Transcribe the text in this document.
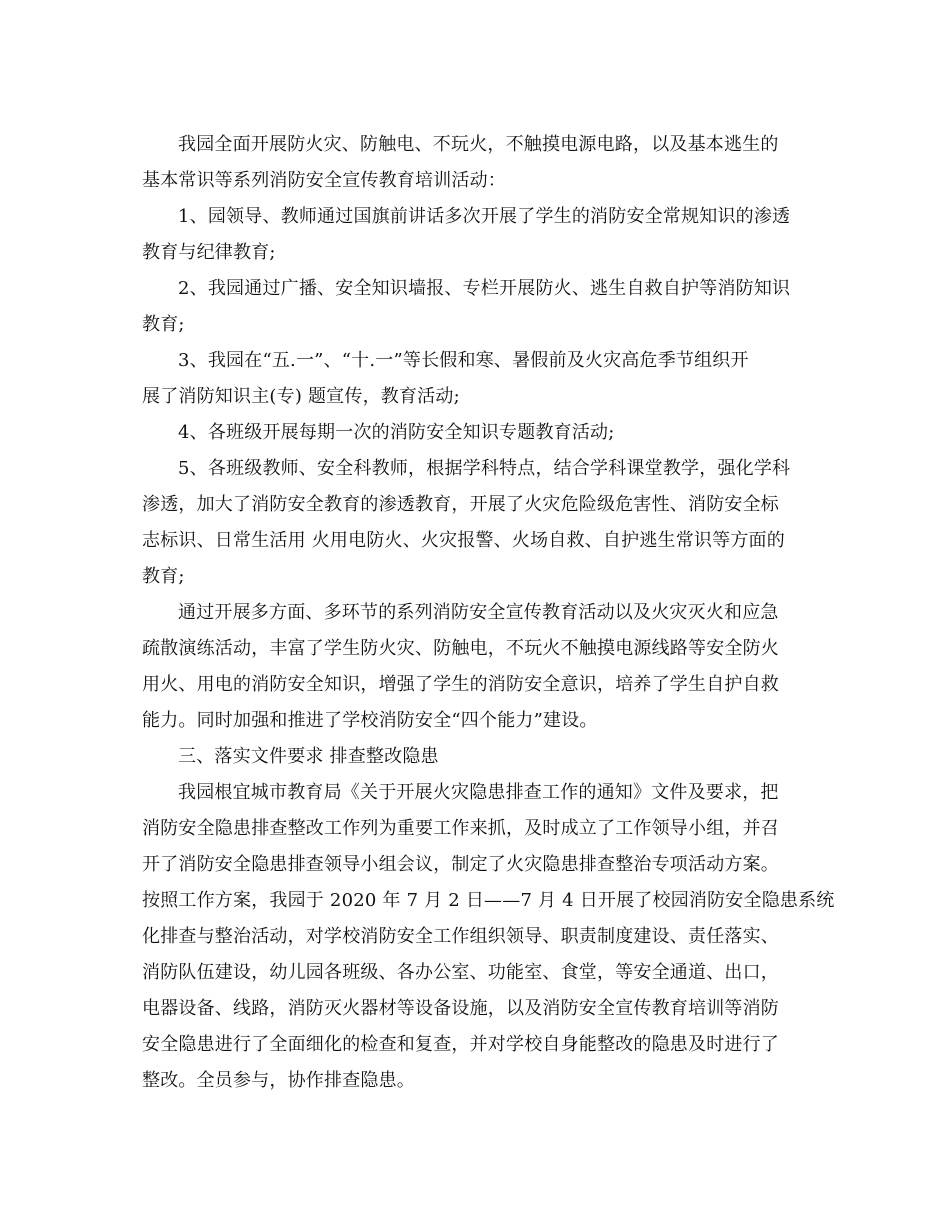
我园全面开展防火灾、防触电、不玩火，不触摸电源电路，以及基本逃生的
基本常识等系列消防安全宣传教育培训活动：
1、园领导、教师通过国旗前讲话多次开展了学生的消防安全常规知识的渗透
教育与纪律教育;
2、我园通过广播、安全知识墙报、专栏开展防火、逃生自救自护等消防知识
教育;
3、我园在“五.一”、“十.一”等长假和寒、暑假前及火灾高危季节组织开
展了消防知识主(专) 题宣传，教育活动;
4、各班级开展每期一次的消防安全知识专题教育活动;
5、各班级教师、安全科教师，根据学科特点，结合学科课堂教学，强化学科
渗透，加大了消防安全教育的渗透教育，开展了火灾危险级危害性、消防安全标
志标识、日常生活用 火用电防火、火灾报警、火场自救、自护逃生常识等方面的
教育;
通过开展多方面、多环节的系列消防安全宣传教育活动以及火灾灭火和应急
疏散演练活动，丰富了学生防火灾、防触电，不玩火不触摸电源线路等安全防火
用火、用电的消防安全知识，增强了学生的消防安全意识，培养了学生自护自救
能力。同时加强和推进了学校消防安全“四个能力”建设。
三、落实文件要求 排查整改隐患
我园根宜城市教育局《关于开展火灾隐患排查工作的通知》文件及要求，把
消防安全隐患排查整改工作列为重要工作来抓，及时成立了工作领导小组，并召
开了消防安全隐患排查领导小组会议，制定了火灾隐患排查整治专项活动方案。
按照工作方案，我园于 2020 年 7 月 2 日——7 月 4 日开展了校园消防安全隐患系统
化排查与整治活动，对学校消防安全工作组织领导、职责制度建设、责任落实、
消防队伍建设，幼儿园各班级、各办公室、功能室、食堂，等安全通道、出口，
电器设备、线路，消防灭火器材等设备设施，以及消防安全宣传教育培训等消防
安全隐患进行了全面细化的检查和复查，并对学校自身能整改的隐患及时进行了
整改。全员参与，协作排查隐患。
